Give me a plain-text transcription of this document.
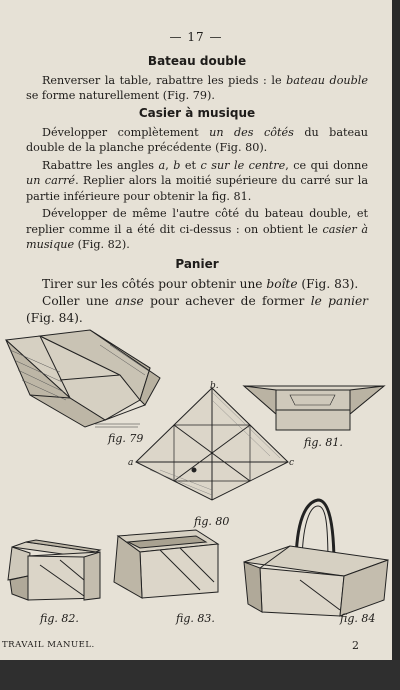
— 17 —
Bateau double

Renverser la table, rabattre les pieds : le bateau double se forme naturellement (Fig. 79).

Casier à musique

Développer complètement un des côtés du bateau double de la planche précédente (Fig. 80).

Rabattre les angles a, b et c sur le centre, ce qui donne un carré. Replier alors la moitié supérieure du carré sur la partie inférieure pour obtenir la fig. 81.

Développer de même l'autre côté du bateau double, et replier comme il a été dit ci-dessus : on obtient le casier à musique (Fig. 82).

Panier

Tirer sur les côtés pour obtenir une boîte (Fig. 83).

Coller une anse pour achever de former le panier (Fig. 84).

b.
a	c
fig. 79	fig. 81.
fig. 80
fig. 82.	fig. 83.	fig. 84
TRAVAIL MANUEL.	2
